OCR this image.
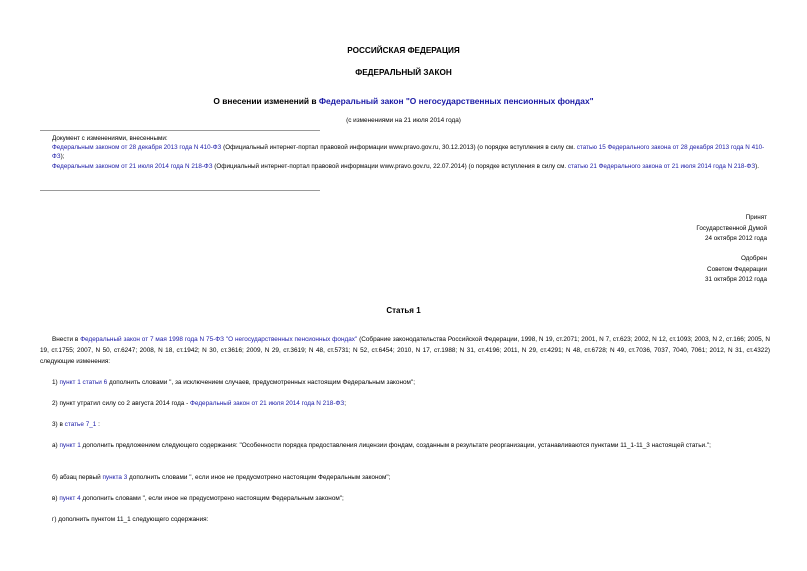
РОССИЙСКАЯ ФЕДЕРАЦИЯ
ФЕДЕРАЛЬНЫЙ ЗАКОН
О внесении изменений в Федеральный закон "О негосударственных пенсионных фондах"
(с изменениями на 21 июля 2014 года)

Документ с изменениями, внесенными:

Федеральным законом от 28 декабря 2013 года N 410-ФЗ (Официальный интернет-портал правовой информации www.pravo.gov.ru, 30.12.2013) (о порядке вступления в силу см. статью 15 Федерального закона от 28 декабря 2013 года N 410-ФЗ);

Федеральным законом от 21 июля 2014 года N 218-ФЗ (Официальный интернет-портал правовой информации www.pravo.gov.ru, 22.07.2014) (о порядке вступления в силу см. статью 21 Федерального закона от 21 июля 2014 года N 218-ФЗ).

Принят
Государственной Думой
24 октября 2012 года
Одобрен
Советом Федерации
31 октября 2012 года
Статья 1
Внести в Федеральный закон от 7 мая 1998 года N 75-ФЗ "О негосударственных пенсионных фондах" (Собрание законодательства Российской Федерации, 1998, N 19, ст.2071; 2001, N 7, ст.623; 2002, N 12, ст.1093; 2003, N 2, ст.166; 2005, N 19, ст.1755; 2007, N 50, ст.6247; 2008, N 18, ст.1942; N 30, ст.3616; 2009, N 29, ст.3619; N 48, ст.5731; N 52, ст.6454; 2010, N 17, ст.1988; N 31, ст.4196; 2011, N 29, ст.4291; N 48, ст.6728; N 49, ст.7036, 7037, 7040, 7061; 2012, N 31, ст.4322) следующие изменения:
1) пункт 1 статьи 6 дополнить словами ", за исключением случаев, предусмотренных настоящим Федеральным законом";
2) пункт утратил силу со 2 августа 2014 года - Федеральный закон от 21 июля 2014 года N 218-ФЗ;
3) в статье 7_1 :
а) пункт 1 дополнить предложением следующего содержания: "Особенности порядка предоставления лицензии фондам, созданным в результате реорганизации, устанавливаются пунктами 11_1-11_3 настоящей статьи.";
б) абзац первый пункта 3 дополнить словами ", если иное не предусмотрено настоящим Федеральным законом";
в) пункт 4 дополнить словами ", если иное не предусмотрено настоящим Федеральным законом";
г) дополнить пунктом 11_1 следующего содержания:
